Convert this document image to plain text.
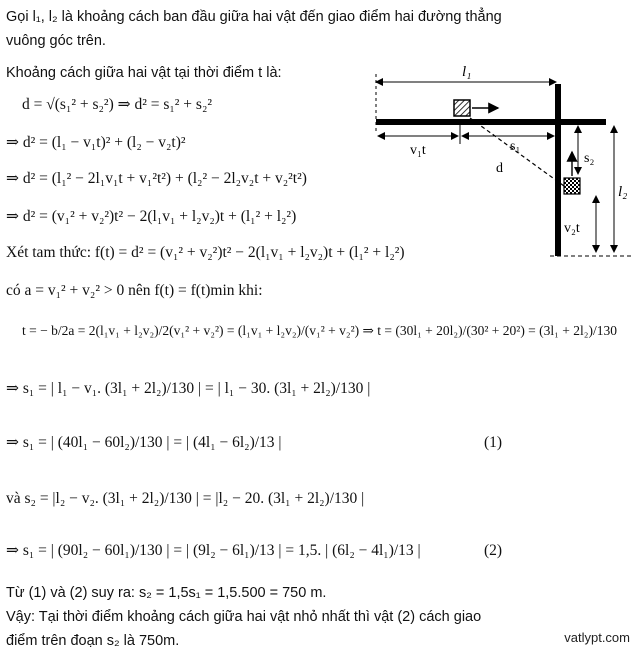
Gọi l₁, l₂ là khoảng cách ban đầu giữa hai vật đến giao điểm hai đường thẳng
vuông góc trên.
Khoảng cách giữa hai vật tại thời điểm t là:
d = √(s₁² + s₂²) ⇒ d² = s₁² + s₂²
⇒ d² = (l₁ − v₁t)² + (l₂ − v₂t)²
⇒ d² = (l₁² − 2l₁v₁t + v₁²t²) + (l₂² − 2l₂v₂t + v₂²t²)
⇒ d² = (v₁² + v₂²)t² − 2(l₁v₁ + l₂v₂)t + (l₁² + l₂²)
Xét tam thức: f(t) = d² = (v₁² + v₂²)t² − 2(l₁v₁ + l₂v₂)t + (l₁² + l₂²)
có a = v₁² + v₂² > 0 nên f(t) = f(t)min khi:
t = − b/2a = 2(l₁v₁ + l₂v₂)/2(v₁² + v₂²) = (l₁v₁ + l₂v₂)/(v₁² + v₂²) ⇒ t = (30l₁ + 20l₂)/(30² + 20²) = (3l₁ + 2l₂)/130
⇒ s₁ = | l₁ − v₁. (3l₁ + 2l₂)/130 | = | l₁ − 30. (3l₁ + 2l₂)/130 |
⇒ s₁ = | (40l₁ − 60l₂)/130 | = | (4l₁ − 6l₂)/13 |	(1)
và s₂ = |l₂ − v₂. (3l₁ + 2l₂)/130 | = |l₂ − 20. (3l₁ + 2l₂)/130 |
⇒ s₁ = | (90l₂ − 60l₁)/130 | = | (9l₂ − 6l₁)/13 | = 1,5. | (6l₂ − 4l₁)/13 |	(2)
Từ (1) và (2) suy ra: s₂ = 1,5s₁ = 1,5.500 = 750 m.
Vậy: Tại thời điểm khoảng cách giữa hai vật nhỏ nhất thì vật (2) cách giao
điểm trên đoạn s₂ là 750m.
l₁
v₁t	s₁
d
s₂
v₂t
l₂
vatlypt.com
